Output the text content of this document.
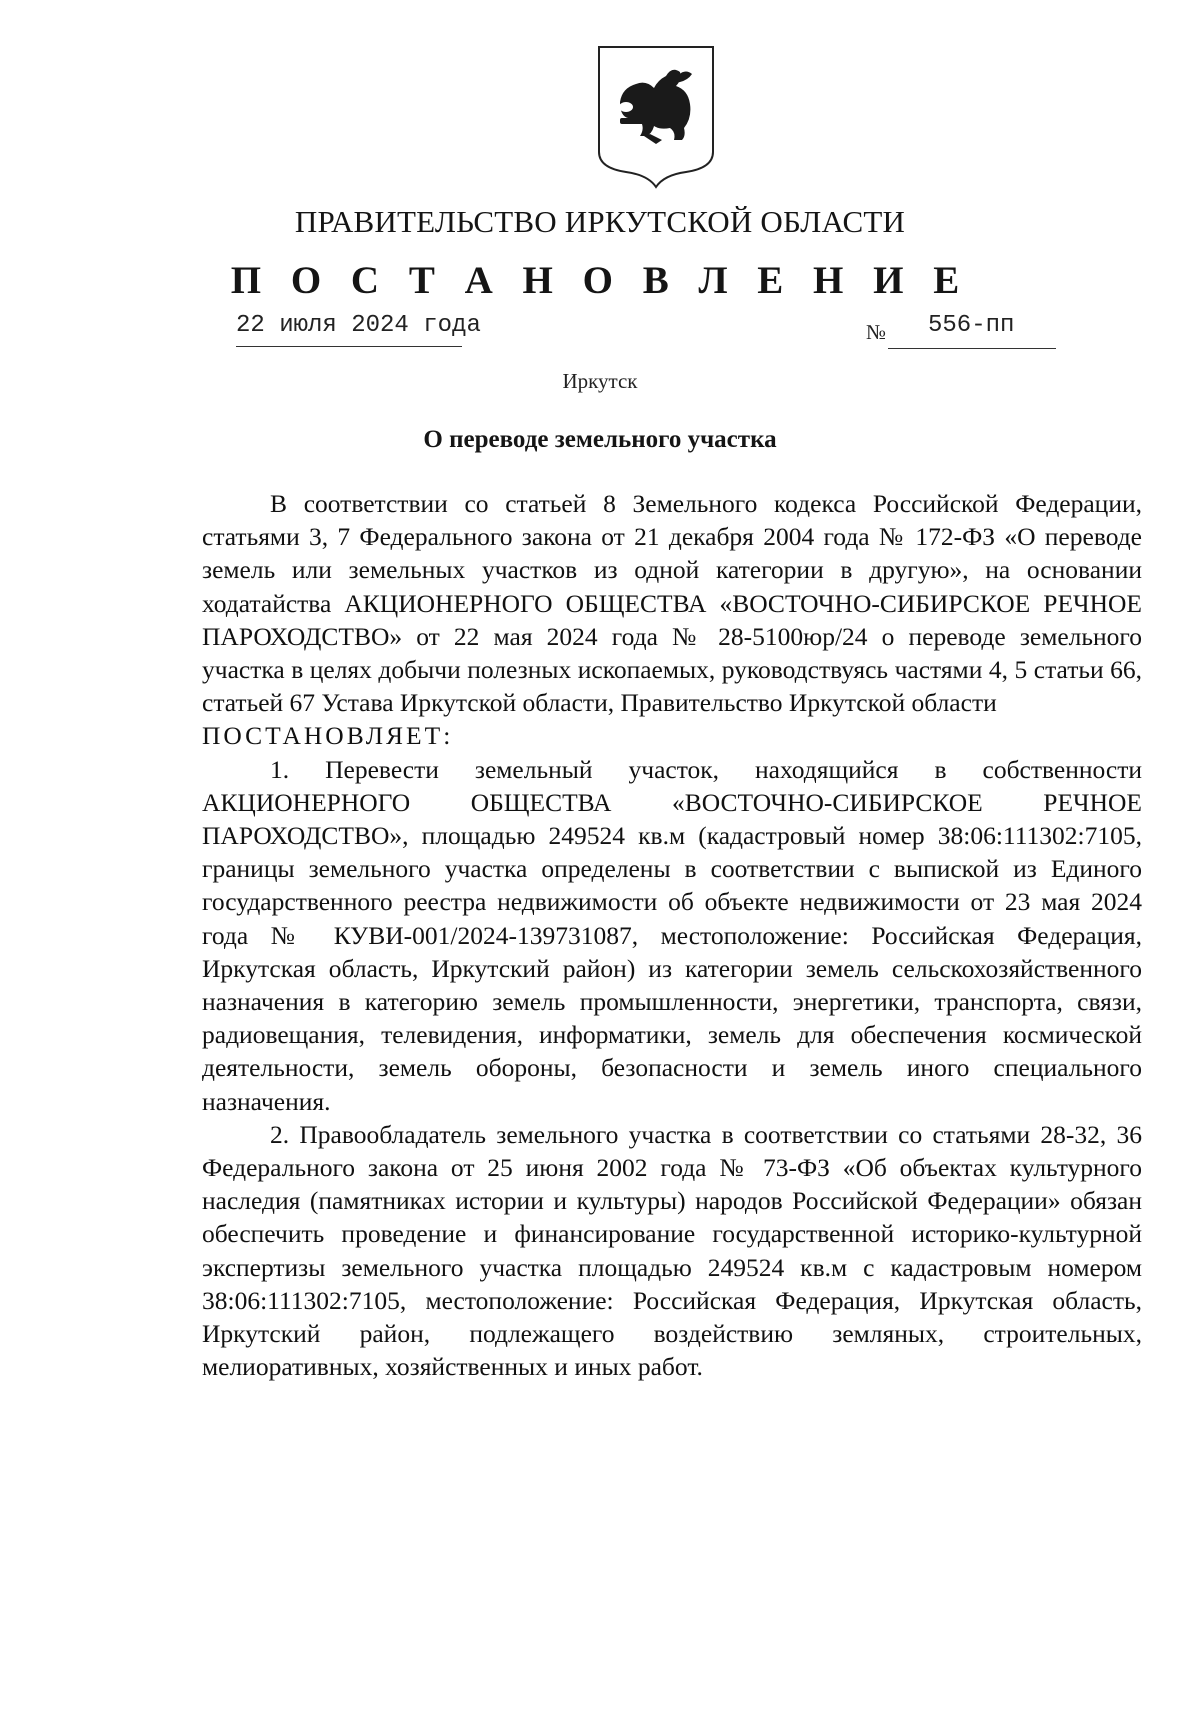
ПРАВИТЕЛЬСТВО ИРКУТСКОЙ ОБЛАСТИ
П О С Т А Н О В Л Е Н И Е
22 июля 2024 года	№ 556-пп
Иркутск
О переводе земельного участка

В соответствии со статьей 8 Земельного кодекса Российской Федерации, статьями 3, 7 Федерального закона от 21 декабря 2004 года № 172-ФЗ «О переводе земель или земельных участков из одной категории в другую», на основании ходатайства АКЦИОНЕРНОГО ОБЩЕСТВА «ВОСТОЧНО-СИБИРСКОЕ РЕЧНОЕ ПАРОХОДСТВО» от 22 мая 2024 года № 28-5100юр/24 о переводе земельного участка в целях добычи полезных ископаемых, руководствуясь частями 4, 5 статьи 66, статьей 67 Устава Иркутской области, Правительство Иркутской области

ПОСТАНОВЛЯЕТ:

1. Перевести земельный участок, находящийся в собственности АКЦИОНЕРНОГО ОБЩЕСТВА «ВОСТОЧНО-СИБИРСКОЕ РЕЧНОЕ ПАРОХОДСТВО», площадью 249524 кв.м (кадастровый номер 38:06:111302:7105, границы земельного участка определены в соответствии с выпиской из Единого государственного реестра недвижимости об объекте недвижимости от 23 мая 2024 года № КУВИ-001/2024-139731087, местоположение: Российская Федерация, Иркутская область, Иркутский район) из категории земель сельскохозяйственного назначения в категорию земель промышленности, энергетики, транспорта, связи, радиовещания, телевидения, информатики, земель для обеспечения космической деятельности, земель обороны, безопасности и земель иного специального назначения.

2. Правообладатель земельного участка в соответствии со статьями 28-32, 36 Федерального закона от 25 июня 2002 года № 73-ФЗ «Об объектах культурного наследия (памятниках истории и культуры) народов Российской Федерации» обязан обеспечить проведение и финансирование государственной историко-культурной экспертизы земельного участка площадью 249524 кв.м с кадастровым номером 38:06:111302:7105, местоположение: Российская Федерация, Иркутская область, Иркутский район, подлежащего воздействию земляных, строительных, мелиоративных, хозяйственных и иных работ.
